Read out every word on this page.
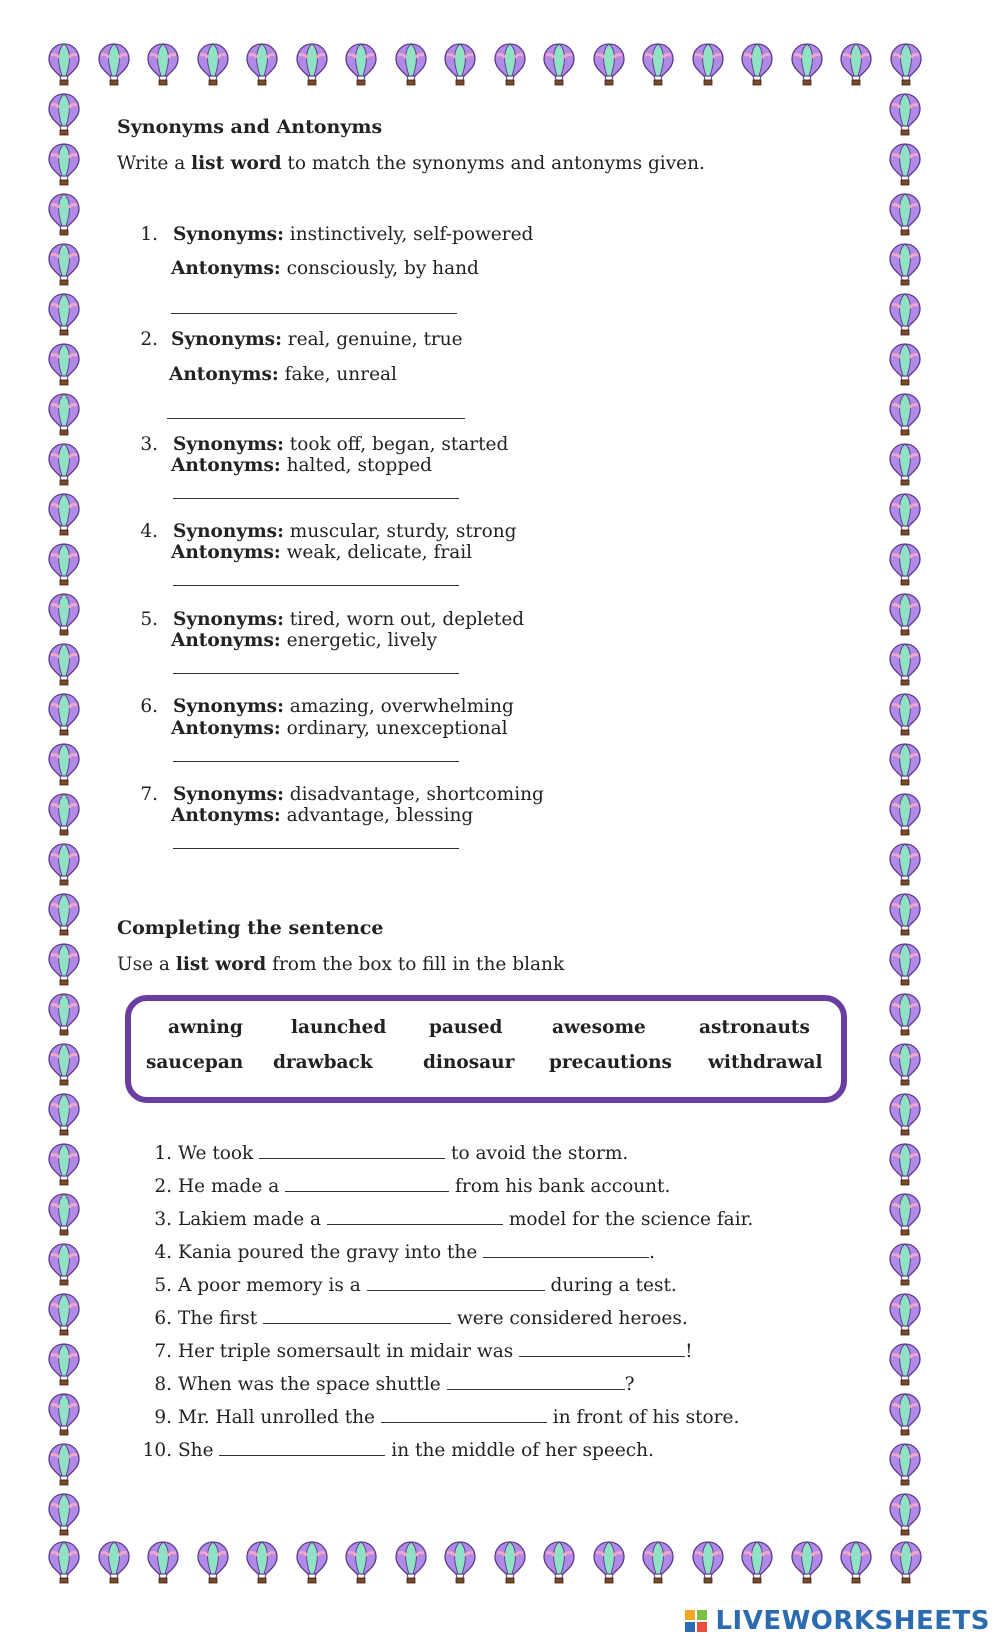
Synonyms and Antonyms
Write a list word to match the synonyms and antonyms given.
1. Synonyms: instinctively, self-powered
Antonyms: consciously, by hand
2. Synonyms: real, genuine, true
Antonyms: fake, unreal
3. Synonyms: took off, began, started
Antonyms: halted, stopped
4. Synonyms: muscular, sturdy, strong
Antonyms: weak, delicate, frail
5. Synonyms: tired, worn out, depleted
Antonyms: energetic, lively
6. Synonyms: amazing, overwhelming
Antonyms: ordinary, unexceptional
7. Synonyms: disadvantage, shortcoming
Antonyms: advantage, blessing
Completing the sentence
Use a list word from the box to fill in the blank
awning	launched paused	awesome	astronauts
saucepan drawback	dinosaur precautions withdrawal
1. We took	to avoid the storm.
2. He made a	from his bank account.
3. Lakiem made a	model for the science fair.
4. Kania poured the gravy into the	.
5. A poor memory is a	during a test.
6. The first	were considered heroes.
7. Her triple somersault in midair was	!
8. When was the space shuttle	?
9. Mr. Hall unrolled the	in front of his store.
10. She	in the middle of her speech.
LIVEWORKSHEETS
